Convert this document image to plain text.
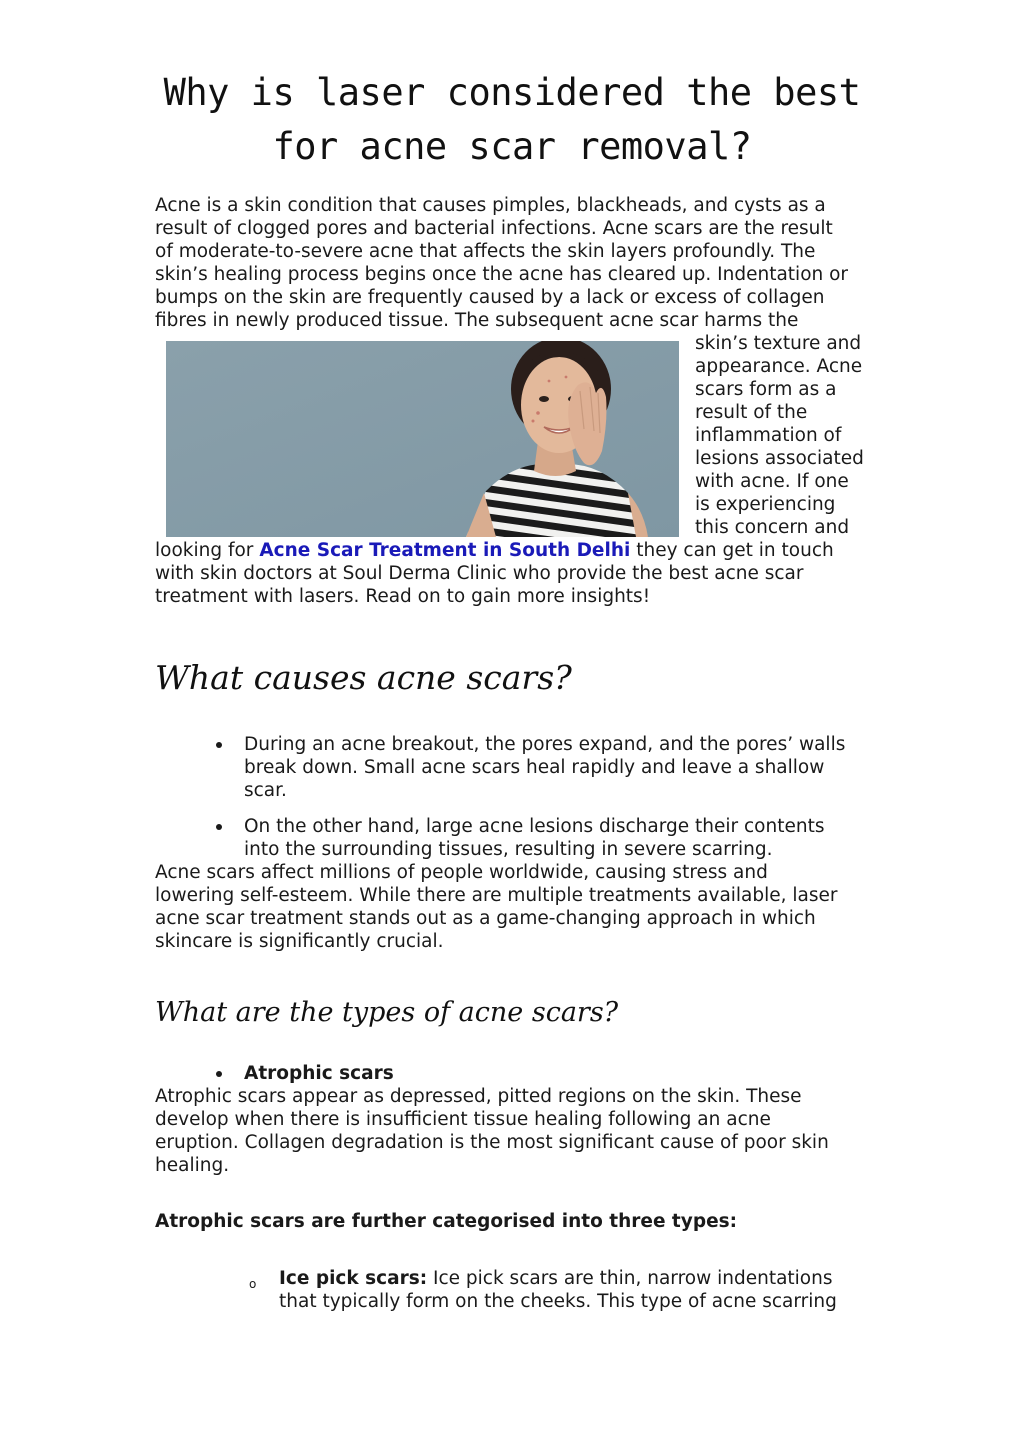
Why is laser considered the best
for acne scar removal?

Acne is a skin condition that causes pimples, blackheads, and cysts as a
result of clogged pores and bacterial infections. Acne scars are the result
of moderate-to-severe acne that affects the skin layers profoundly. The
skin’s healing process begins once the acne has cleared up. Indentation or
bumps on the skin are frequently caused by a lack or excess of collagen
fibres in newly produced tissue. The subsequent acne scar harms the

skin’s texture and
appearance. Acne
scars form as a
result of the
inflammation of
lesions associated
with acne. If one
is experiencing
this concern and

looking for Acne Scar Treatment in South Delhi they can get in touch
with skin doctors at Soul Derma Clinic who provide the best acne scar
treatment with lasers. Read on to gain more insights!

What causes acne scars?
During an acne breakout, the pores expand, and the pores’ walls
break down. Small acne scars heal rapidly and leave a shallow
scar.
On the other hand, large acne lesions discharge their contents
into the surrounding tissues, resulting in severe scarring.

Acne scars affect millions of people worldwide, causing stress and
lowering self-esteem. While there are multiple treatments available, laser
acne scar treatment stands out as a game-changing approach in which
skincare is significantly crucial.

What are the types of acne scars?
Atrophic scars

Atrophic scars appear as depressed, pitted regions on the skin. These
develop when there is insufficient tissue healing following an acne
eruption. Collagen degradation is the most significant cause of poor skin
healing.

Atrophic scars are further categorised into three types:

o Ice pick scars: Ice pick scars are thin, narrow indentations
that typically form on the cheeks. This type of acne scarring
